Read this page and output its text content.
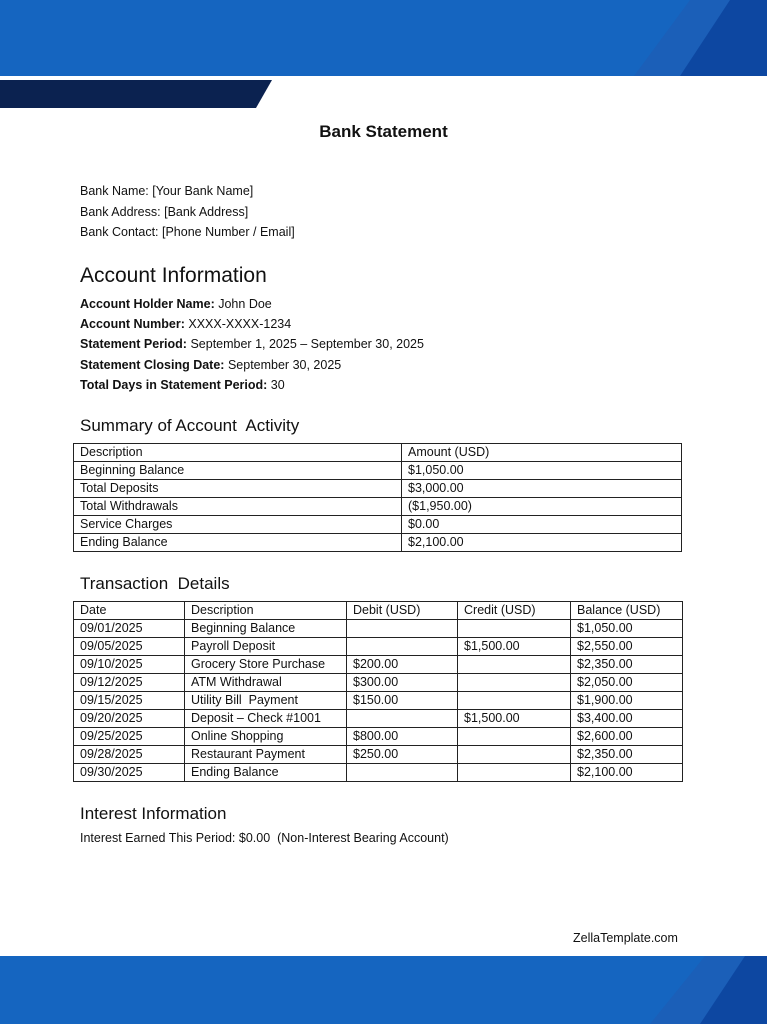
Bank Statement
Bank Name: [Your Bank Name]
Bank Address: [Bank Address]
Bank Contact: [Phone Number / Email]
Account Information
Account Holder Name: John Doe
Account Number: XXXX-XXXX-1234
Statement Period: September 1, 2025 – September 30, 2025
Statement Closing Date: September 30, 2025
Total Days in Statement Period: 30
Summary of Account  Activity
Description	Amount (USD)
Beginning Balance	$1,050.00
Total Deposits	$3,000.00
Total Withdrawals	($1,950.00)
Service Charges	$0.00
Ending Balance	$2,100.00
Transaction  Details
Date	Description	Debit (USD)	Credit (USD)	Balance (USD)
09/01/2025	Beginning Balance			$1,050.00
09/05/2025	Payroll Deposit		$1,500.00	$2,550.00
09/10/2025	Grocery Store Purchase	$200.00		$2,350.00
09/12/2025	ATM Withdrawal	$300.00		$2,050.00
09/15/2025	Utility Bill  Payment	$150.00		$1,900.00
09/20/2025	Deposit – Check #1001		$1,500.00	$3,400.00
09/25/2025	Online Shopping	$800.00		$2,600.00
09/28/2025	Restaurant Payment	$250.00		$2,350.00
09/30/2025	Ending Balance			$2,100.00
Interest Information
Interest Earned This Period: $0.00  (Non-Interest Bearing Account)
ZellaTemplate.com
